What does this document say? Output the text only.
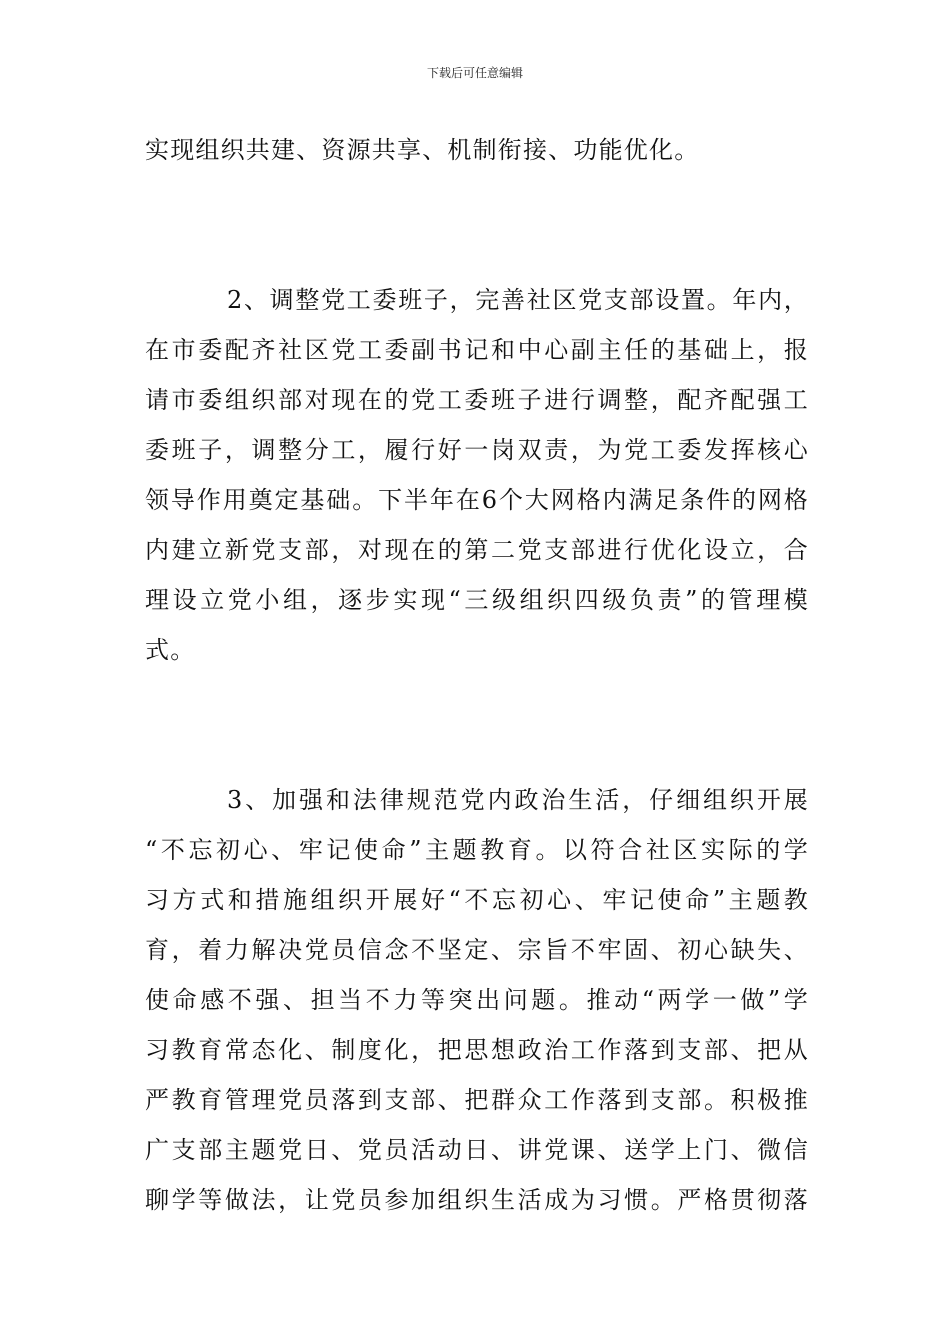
下载后可任意编辑
实现组织共建、资源共享、机制衔接、功能优化。
2、调整党工委班子，完善社区党支部设置。年内，
在市委配齐社区党工委副书记和中心副主任的基础上，报
请市委组织部对现在的党工委班子进行调整，配齐配强工
委班子，调整分工，履行好一岗双责，为党工委发挥核心
领导作用奠定基础。下半年在6个大网格内满足条件的网格
内建立新党支部，对现在的第二党支部进行优化设立，合
理设立党小组，逐步实现“三级组织四级负责”的管理模
式。
3、加强和法律规范党内政治生活，仔细组织开展
“不忘初心、牢记使命”主题教育。以符合社区实际的学
习方式和措施组织开展好“不忘初心、牢记使命”主题教
育，着力解决党员信念不坚定、宗旨不牢固、初心缺失、
使命感不强、担当不力等突出问题。推动“两学一做”学
习教育常态化、制度化，把思想政治工作落到支部、把从
严教育管理党员落到支部、把群众工作落到支部。积极推
广支部主题党日、党员活动日、讲党课、送学上门、微信
聊学等做法，让党员参加组织生活成为习惯。严格贯彻落
